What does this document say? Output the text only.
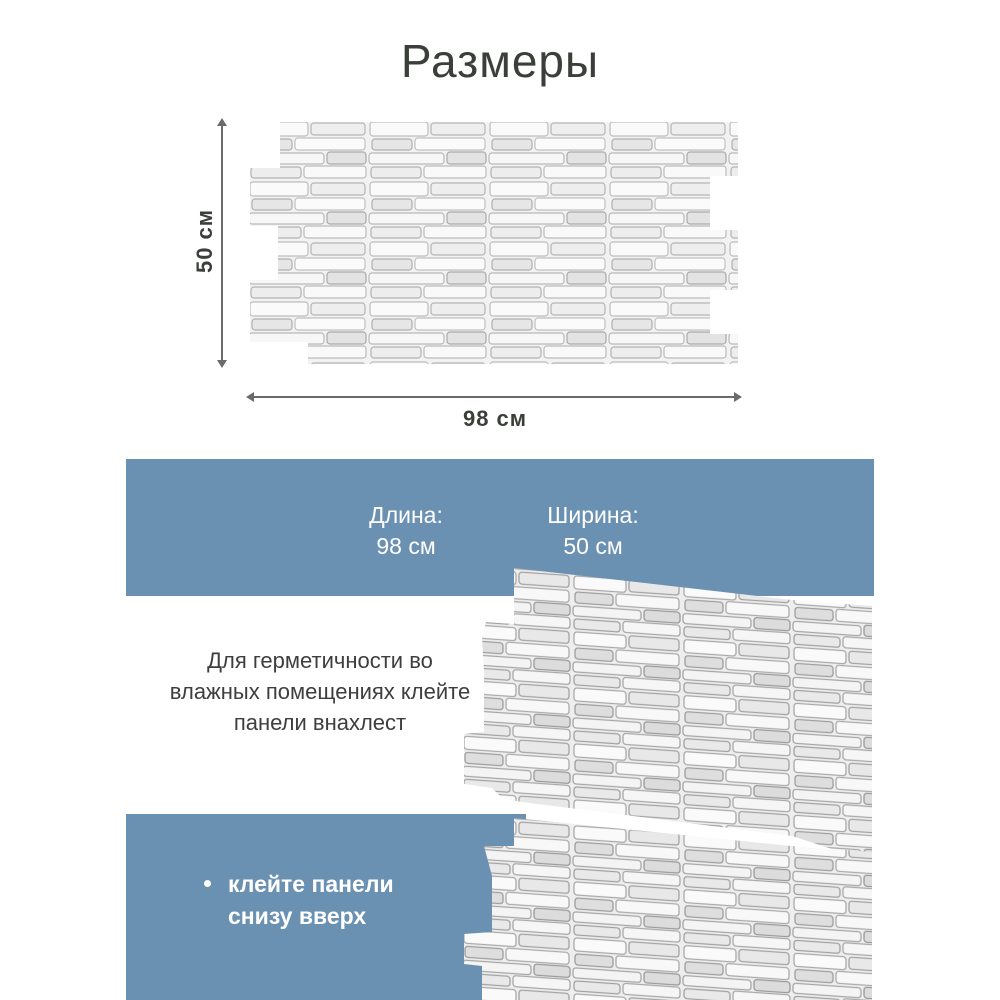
Размеры
50 см
98 см
Длина:
98 см
Ширина:
50 см
Для герметичности во влажных помещениях клейте панели внахлест
клейте панели
снизу вверх
